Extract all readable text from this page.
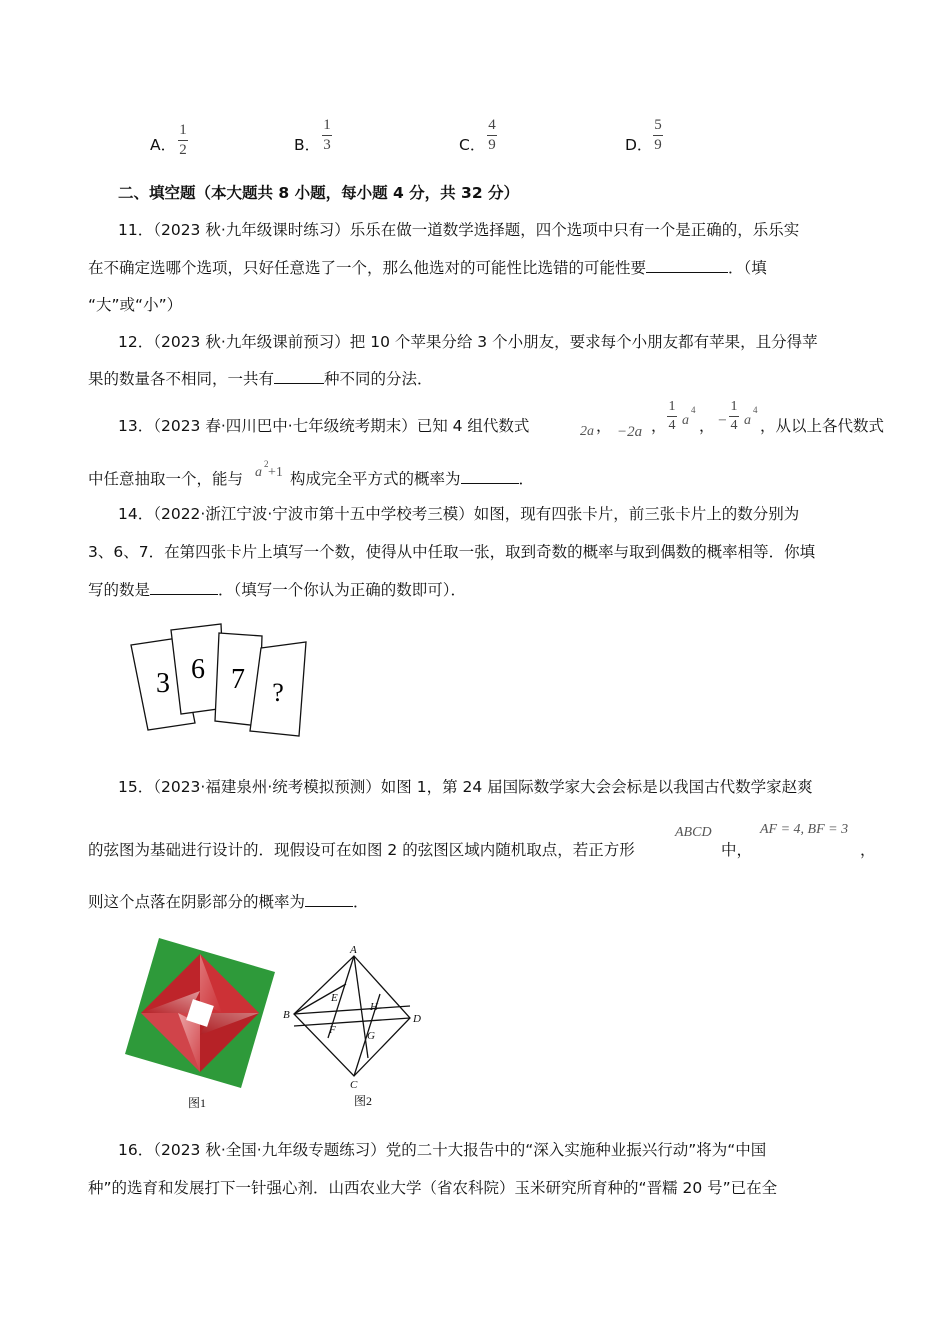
A．
1
2	B．
1
3	C．
4
9	D．
5
9
二、填空题（本大题共 8 小题，每小题 4 分，共 32 分）
11．（2023 秋·九年级课时练习）乐乐在做一道数学选择题，四个选项中只有一个是正确的，乐乐实
在不确定选哪个选项，只好任意选了一个，那么他选对的可能性比选错的可能性要	．（填
“大”或“小”）
12．（2023 秋·九年级课前预习）把 10 个苹果分给 3 个小朋友，要求每个小朋友都有苹果，且分得苹
果的数量各不相同，一共有	种不同的分法．
13．（2023 春·四川巴中·七年级统考期末）已知 4 组代数式	2a ， −2a ，
1
4 a
4
， −
1
4 a
4
，从以上各代数式
中任意抽取一个，能与 a
2
+1 构成完全平方式的概率为	．
14．（2022·浙江宁波·宁波市第十五中学校考三模）如图，现有四张卡片，前三张卡片上的数分别为
3、6、7．在第四张卡片上填写一个数，使得从中任取一张，取到奇数的概率与取到偶数的概率相等．你填
写的数是	．（填写一个你认为正确的数即可）．
3 6 7 ?
15．（2023·福建泉州·统考模拟预测）如图 1，第 24 届国际数学家大会会标是以我国古代数学家赵爽
的弦图为基础进行设计的．现假设可在如图 2 的弦图区域内随机取点，若正方形
ABCD
中，
AF = 4, BF = 3
，
则这个点落在阴影部分的概率为	．
图1
A
B
C
D
E
F	G
H
图2
16．（2023 秋·全国·九年级专题练习）党的二十大报告中的“深入实施种业振兴行动”将为“中国
种”的选育和发展打下一针强心剂．山西农业大学（省农科院）玉米研究所育种的“晋糯 20 号”已在全
